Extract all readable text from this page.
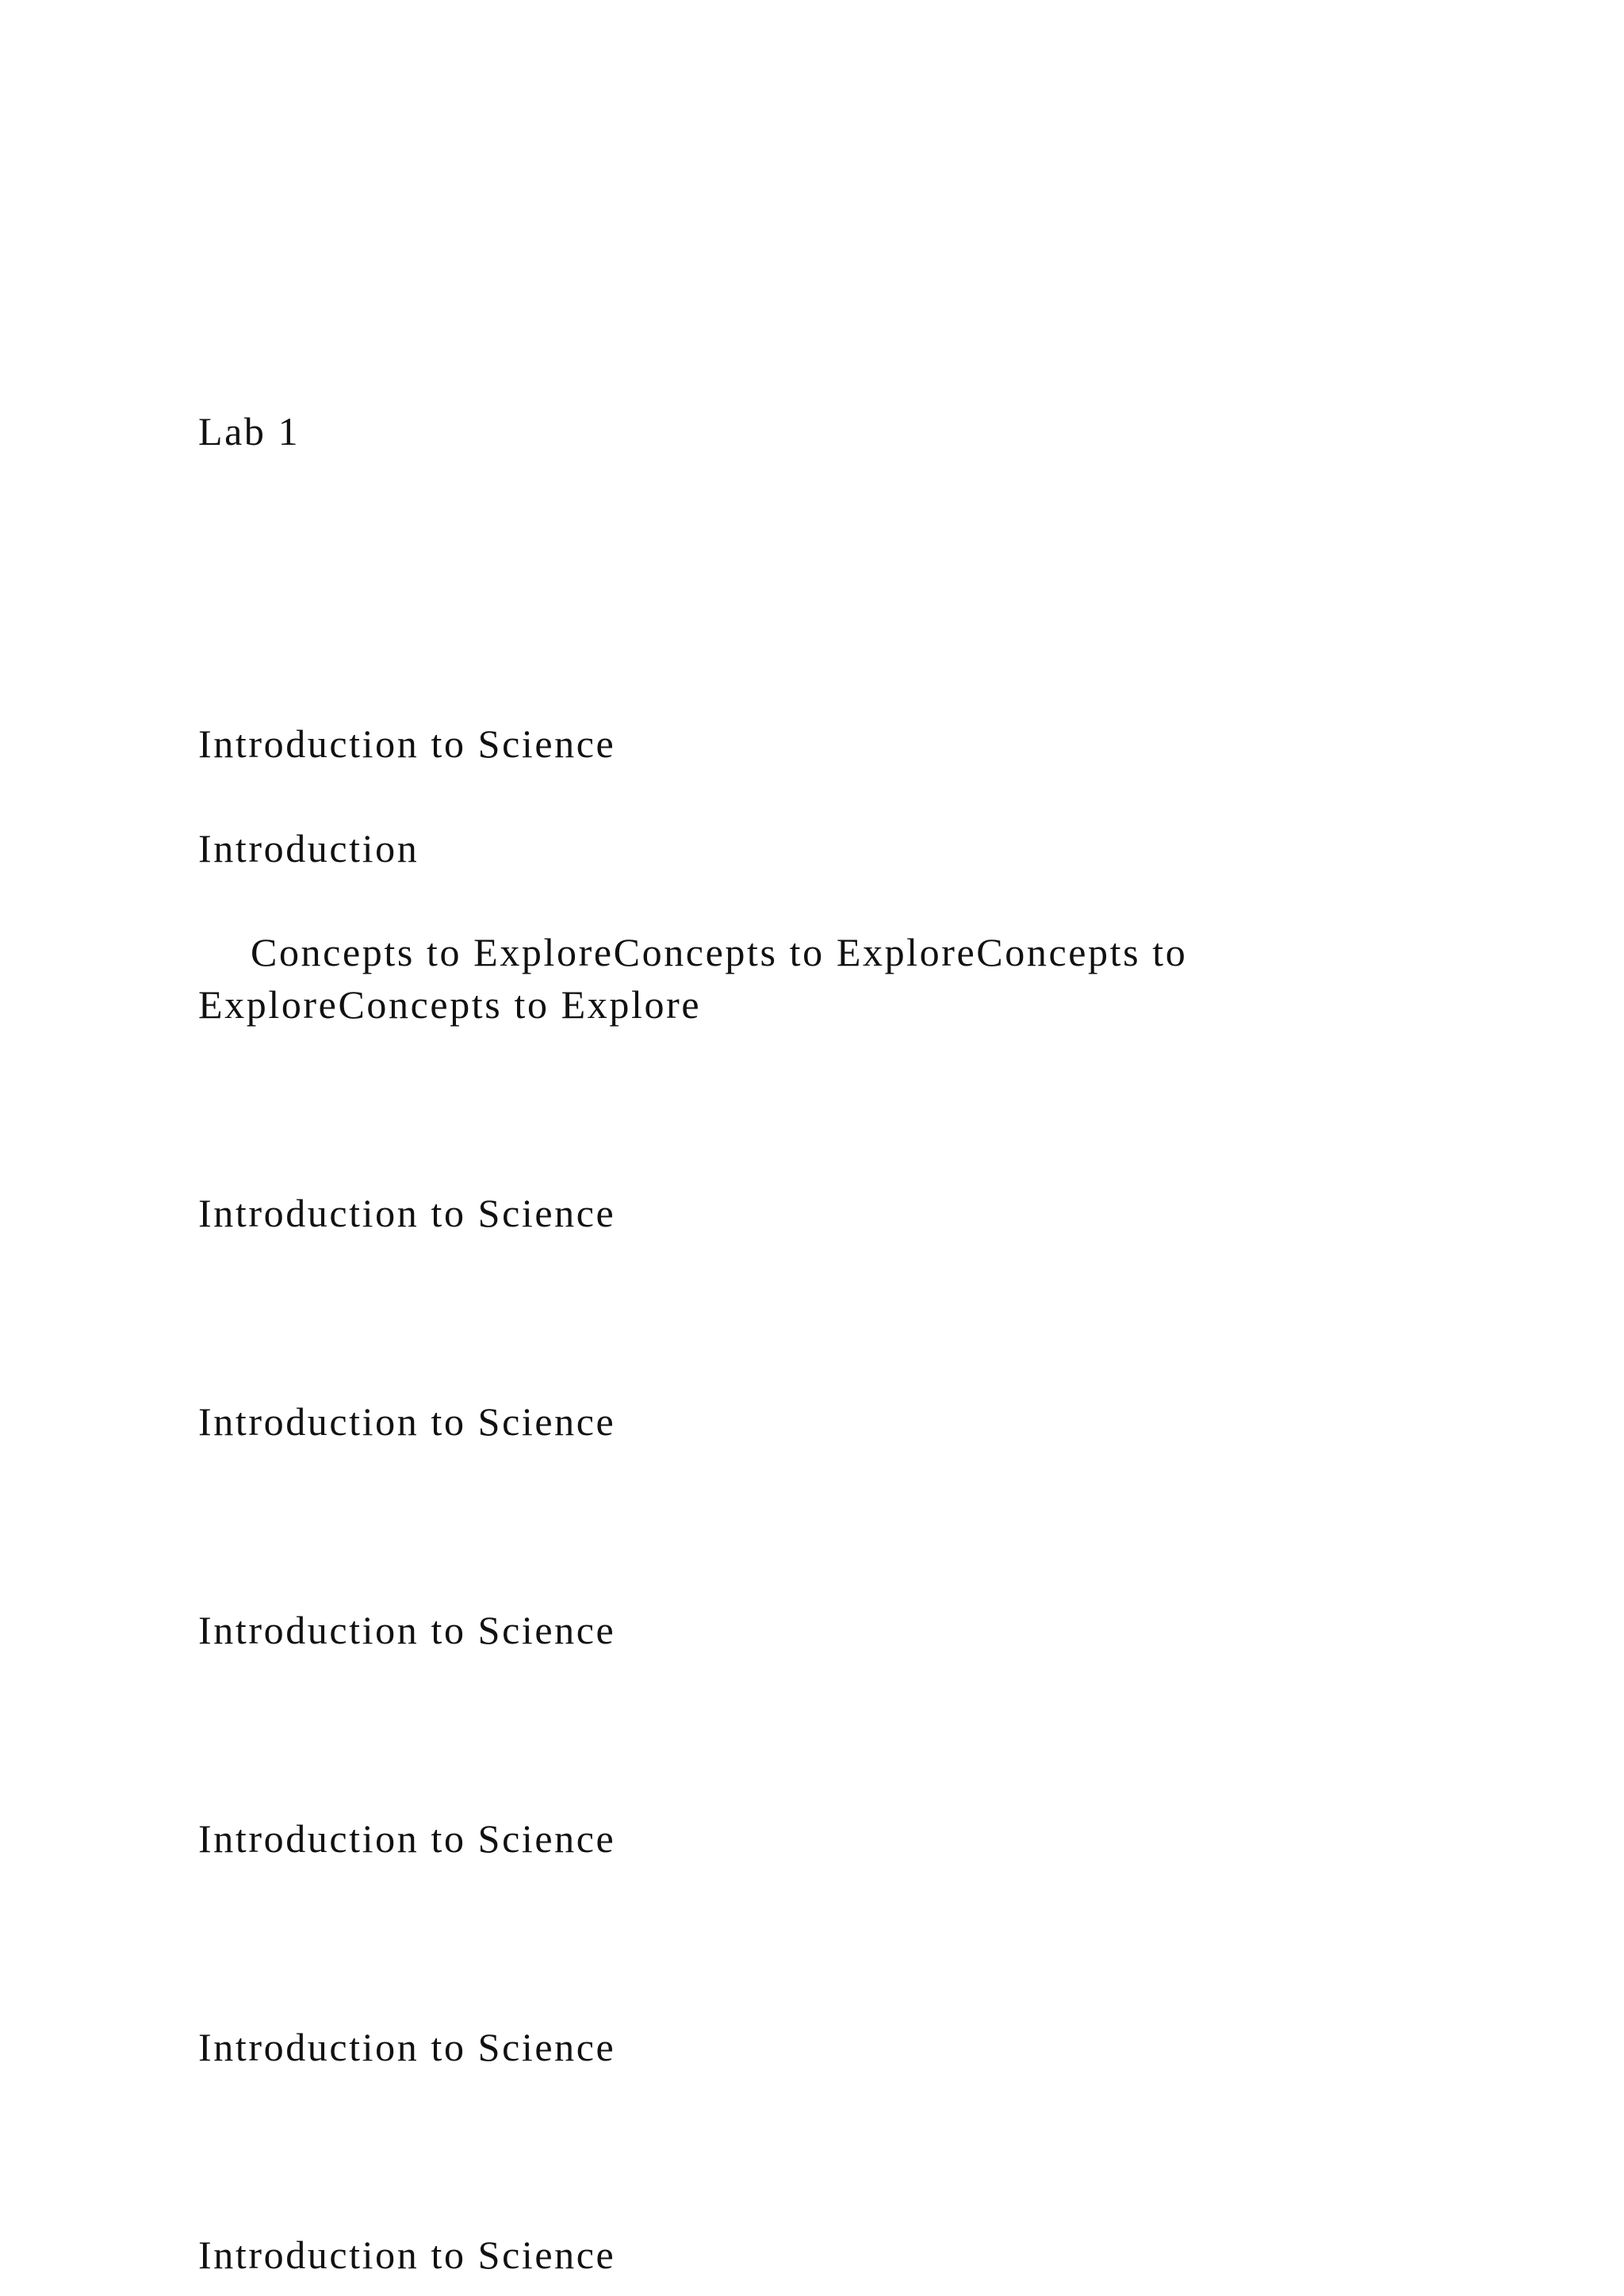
Lab 1

Introduction to Science

Introduction

Concepts to ExploreConcepts to ExploreConcepts to ExploreConcepts to Explore

Introduction to Science

Introduction to Science

Introduction to Science

Introduction to Science

Introduction to Science

Introduction to Science
